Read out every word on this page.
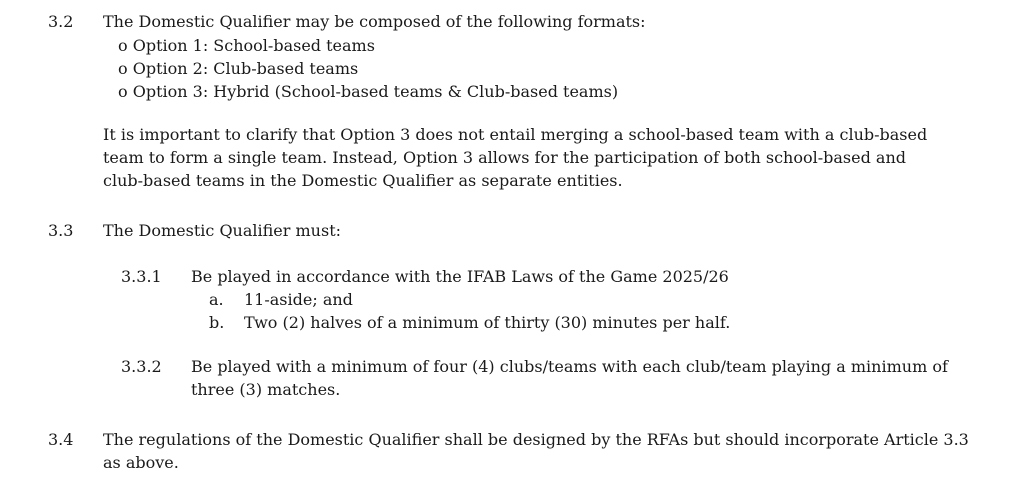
3.2 The Domestic Qualifier may be composed of the following formats:
o Option 1: School-based teams
o Option 2: Club-based teams
o Option 3: Hybrid (School-based teams & Club-based teams)
It is important to clarify that Option 3 does not entail merging a school-based team with a club-based
team to form a single team. Instead, Option 3 allows for the participation of both school-based and
club-based teams in the Domestic Qualifier as separate entities.
3.3 The Domestic Qualifier must:
3.3.1 Be played in accordance with the IFAB Laws of the Game 2025/26
a. 11-aside; and
b. Two (2) halves of a minimum of thirty (30) minutes per half.
3.3.2 Be played with a minimum of four (4) clubs/teams with each club/team playing a minimum of
three (3) matches.
3.4 The regulations of the Domestic Qualifier shall be designed by the RFAs but should incorporate Article 3.3
as above.
